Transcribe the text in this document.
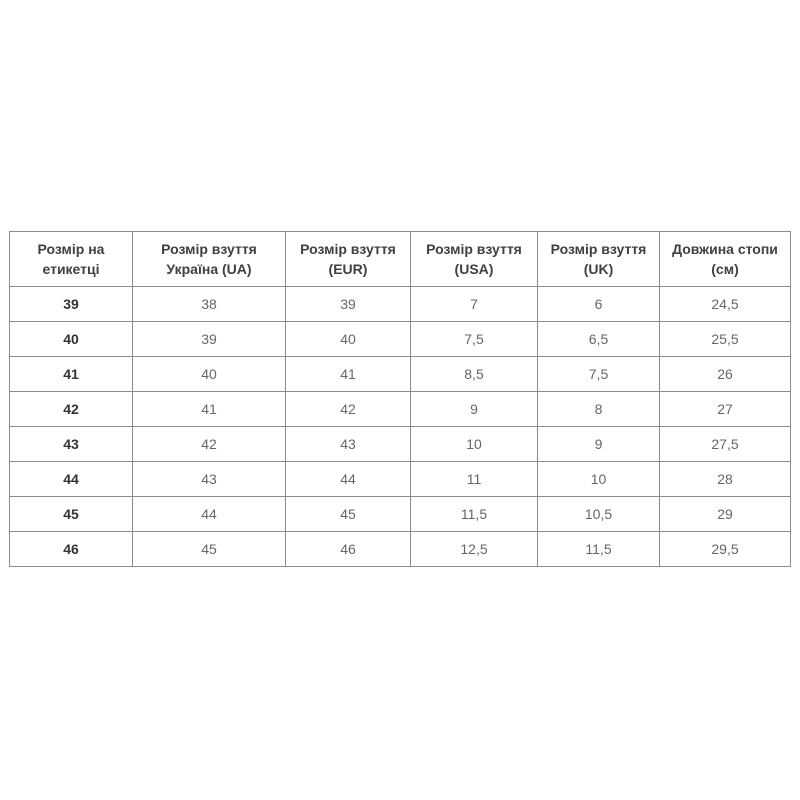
Розмір на етикетці	Розмір взуття Україна (UA)	Розмір взуття (EUR)	Розмір взуття (USA)	Розмір взуття (UK)	Довжина стопи (см)
39	38	39	7	6	24,5
40	39	40	7,5	6,5	25,5
41	40	41	8,5	7,5	26
42	41	42	9	8	27
43	42	43	10	9	27,5
44	43	44	11	10	28
45	44	45	11,5	10,5	29
46	45	46	12,5	11,5	29,5
